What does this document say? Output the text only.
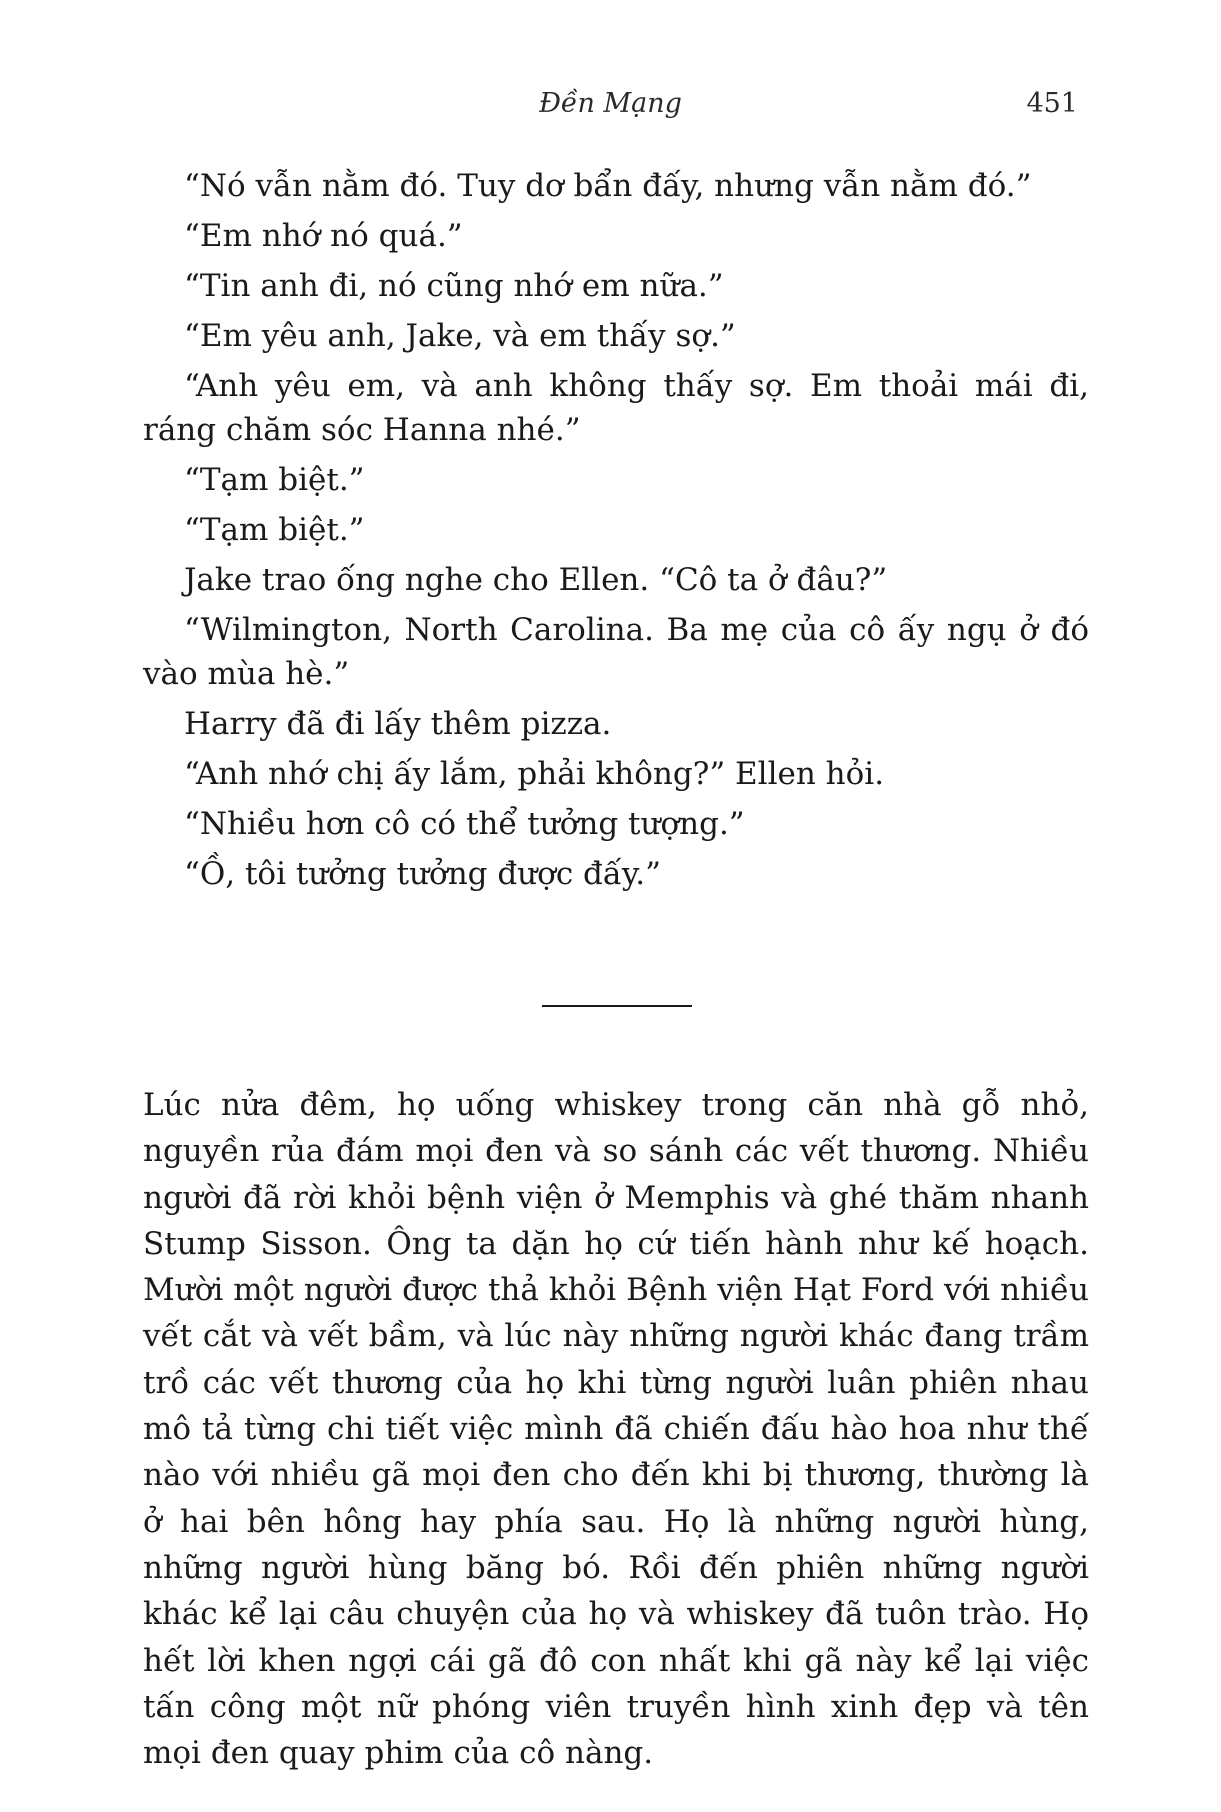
Đền Mạng	451

“Nó vẫn nằm đó. Tuy dơ bẩn đấy, nhưng vẫn nằm đó.”

“Em nhớ nó quá.”

“Tin anh đi, nó cũng nhớ em nữa.”

“Em yêu anh, Jake, và em thấy sợ.”

“Anh yêu em, và anh không thấy sợ. Em thoải mái đi, ráng chăm sóc Hanna nhé.”

“Tạm biệt.”

“Tạm biệt.”

Jake trao ống nghe cho Ellen. “Cô ta ở đâu?”

“Wilmington, North Carolina. Ba mẹ của cô ấy ngụ ở đó vào mùa hè.”

Harry đã đi lấy thêm pizza.

“Anh nhớ chị ấy lắm, phải không?” Ellen hỏi.

“Nhiều hơn cô có thể tưởng tượng.”

“Ồ, tôi tưởng tưởng được đấy.”

Lúc nửa đêm, họ uống whiskey trong căn nhà gỗ nhỏ, nguyền rủa đám mọi đen và so sánh các vết thương. Nhiều người đã rời khỏi bệnh viện ở Memphis và ghé thăm nhanh Stump Sisson. Ông ta dặn họ cứ tiến hành như kế hoạch. Mười một người được thả khỏi Bệnh viện Hạt Ford với nhiều vết cắt và vết bầm, và lúc này những người khác đang trầm trồ các vết thương của họ khi từng người luân phiên nhau mô tả từng chi tiết việc mình đã chiến đấu hào hoa như thế nào với nhiều gã mọi đen cho đến khi bị thương, thường là ở hai bên hông hay phía sau. Họ là những người hùng, những người hùng băng bó. Rồi đến phiên những người khác kể lại câu chuyện của họ và whiskey đã tuôn trào. Họ hết lời khen ngợi cái gã đô con nhất khi gã này kể lại việc tấn công một nữ phóng viên truyền hình xinh đẹp và tên mọi đen quay phim của cô nàng.
